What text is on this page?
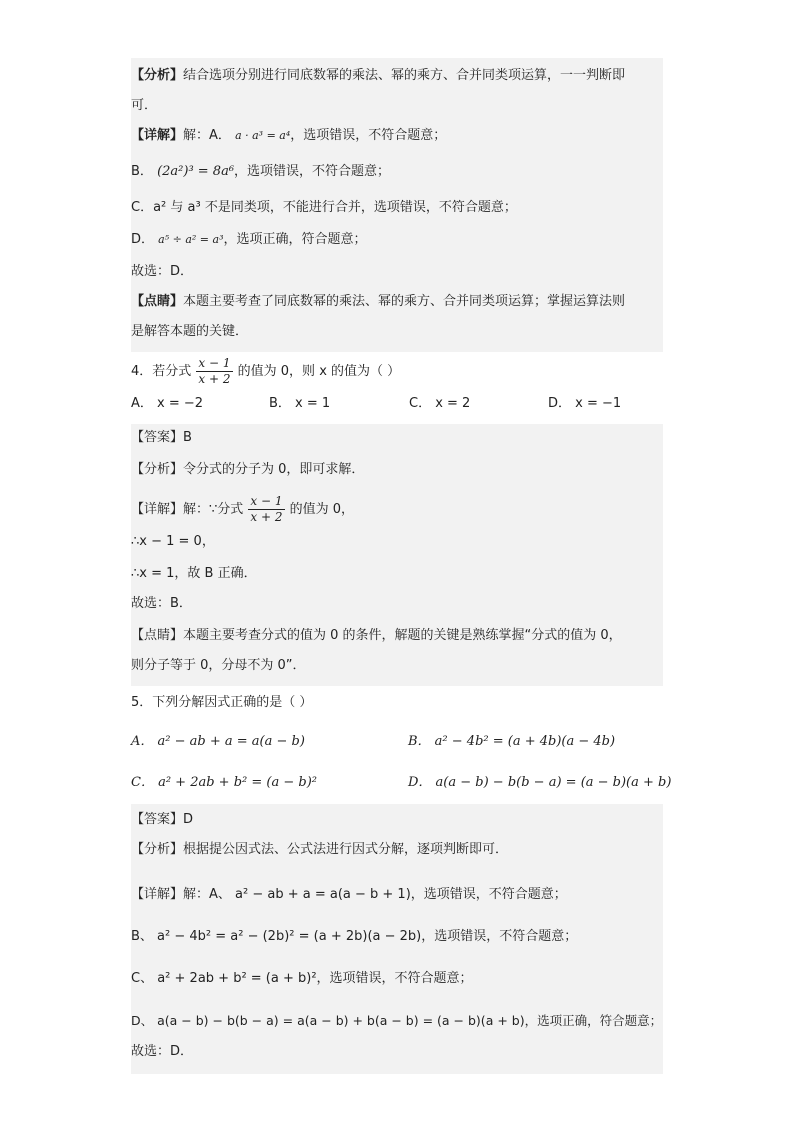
【分析】结合选项分别进行同底数幂的乘法、幂的乘方、合并同类项运算，一一判断即
可．
【详解】解：A． a · a³ = a⁴，选项错误，不符合题意；
B． (2a²)³ = 8a⁶，选项错误，不符合题意；
C．a² 与 a³ 不是同类项，不能进行合并，选项错误，不符合题意；
D． a⁵ ÷ a² = a³，选项正确，符合题意；
故选：D．
【点睛】本题主要考查了同底数幂的乘法、幂的乘方、合并同类项运算；掌握运算法则
是解答本题的关键．
4．若分式 $\frac{x - 1}{x + 2}$ 的值为 0，则 x 的值为（ ）
A． x = −2	B． x = 1	C． x = 2	D． x = −1
【答案】B
【分析】令分式的分子为 0，即可求解．
【详解】解：∵分式 $\frac{x - 1}{x + 2}$ 的值为 0，
∴x − 1 = 0，
∴x = 1，故 B 正确．
故选：B．
【点睛】本题主要考查分式的值为 0 的条件，解题的关键是熟练掌握“分式的值为 0，
则分子等于 0，分母不为 0”．
5．下列分解因式正确的是（ ）
A． a² − ab + a = a(a − b)	B． a² − 4b² = (a + 4b)(a − 4b)
C． a² + 2ab + b² = (a − b)²	D． a(a − b) − b(b − a) = (a − b)(a + b)
【答案】D
【分析】根据提公因式法、公式法进行因式分解，逐项判断即可．
【详解】解：A、 a² − ab + a = a(a − b + 1)，选项错误，不符合题意；
B、 a² − 4b² = a² − (2b)² = (a + 2b)(a − 2b)，选项错误，不符合题意；
C、 a² + 2ab + b² = (a + b)²，选项错误，不符合题意；
D、 a(a − b) − b(b − a) = a(a − b) + b(a − b) = (a − b)(a + b)，选项正确，符合题意；
故选：D．
